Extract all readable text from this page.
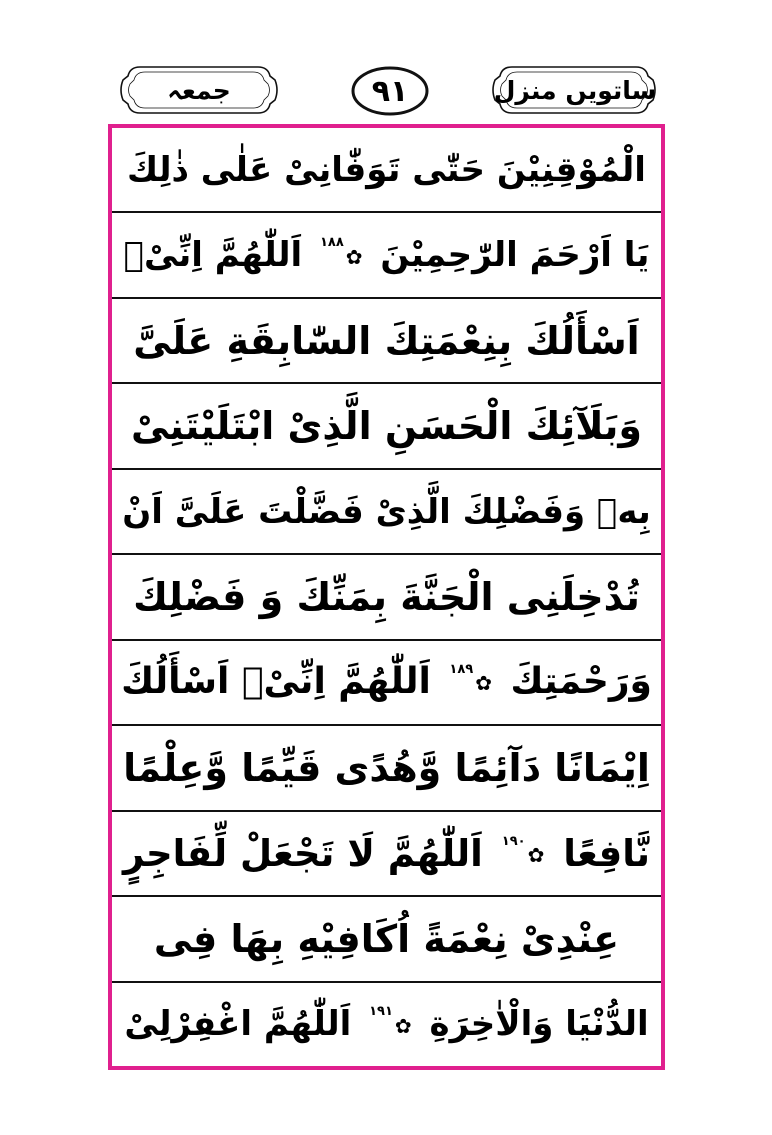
جمعہ	٩١	ساتویں منزل
الْمُوْقِنِيْنَ حَتّٰى تَوَفّٰانِىْ عَلٰى ذٰلِكَ
يَا اَرْحَمَ الرّٰحِمِيْنَ
١٨٨
✿
اَللّٰهُمَّ اِنِّىْۤ
اَسْأَلُكَ بِنِعْمَتِكَ السّٰابِقَةِ عَلَىَّ
وَبَلَآئِكَ الْحَسَنِ الَّذِىْ ابْتَلَيْتَنِىْ
بِهٖ وَفَضْلِكَ الَّذِىْ فَضَّلْتَ عَلَىَّ اَنْ
تُدْخِلَنِى الْجَنَّةَ بِمَنِّكَ وَ فَضْلِكَ
وَرَحْمَتِكَ
١٨٩
✿
اَللّٰهُمَّ اِنِّىْۤ اَسْأَلُكَ
اِيْمَانًا دَآئِمًا وَّهُدًى قَيِّمًا وَّعِلْمًا
نَّافِعًا
١٩٠
✿
اَللّٰهُمَّ لَا تَجْعَلْ لِّفَاجِرٍ
عِنْدِىْ نِعْمَةً اُكَافِيْهِ بِهَا فِى
الدُّنْيَا وَالْاٰخِرَةِ
١٩١
✿
اَللّٰهُمَّ اغْفِرْلِىْ
